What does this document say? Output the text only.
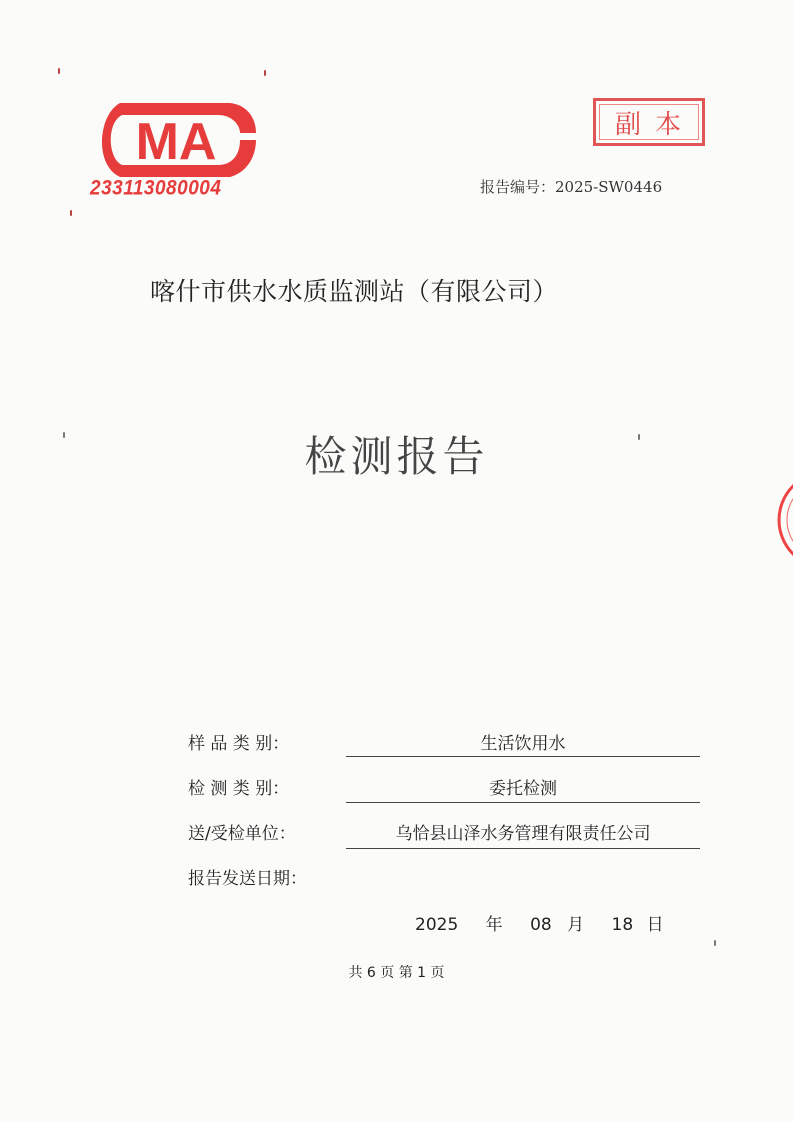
MA
233113080004
副本
报告编号：2025-SW0446
喀什市供水水质监测站（有限公司）
检测报告
样 品 类 别：	生活饮用水
检 测 类 别：	委托检测
送/受检单位：	乌恰县山泽水务管理有限责任公司
报告发送日期：
2025 年 08 月 18 日
共 6 页 第 1 页
